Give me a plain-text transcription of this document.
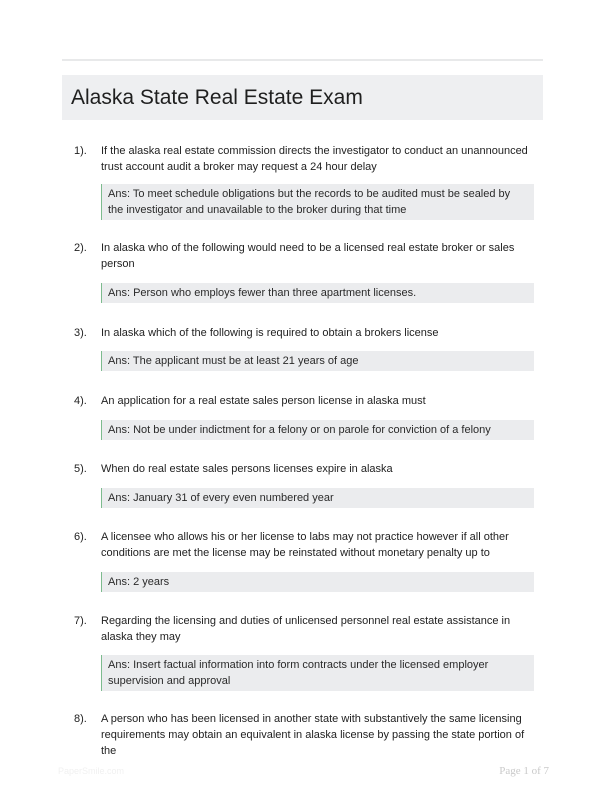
Alaska State Real Estate Exam
1). If the alaska real estate commission directs the investigator to conduct an unannounced trust account audit a broker may request a 24 hour delay
Ans: To meet schedule obligations but the records to be audited must be sealed by the investigator and unavailable to the broker during that time
2). In alaska who of the following would need to be a licensed real estate broker or sales person
Ans: Person who employs fewer than three apartment licenses.
3). In alaska which of the following is required to obtain a brokers license
Ans: The applicant must be at least 21 years of age
4). An application for a real estate sales person license in alaska must
Ans: Not be under indictment for a felony or on parole for conviction of a felony
5). When do real estate sales persons licenses expire in alaska
Ans: January 31 of every even numbered year
6). A licensee who allows his or her license to labs may not practice however if all other conditions are met the license may be reinstated without monetary penalty up to
Ans: 2 years
7). Regarding the licensing and duties of unlicensed personnel real estate assistance in alaska they may
Ans: Insert factual information into form contracts under the licensed employer supervision and approval
8). A person who has been licensed in another state with substantively the same licensing requirements may obtain an equivalent in alaska license by passing the state portion of the
PaperSmile.com	Page 1 of 7
